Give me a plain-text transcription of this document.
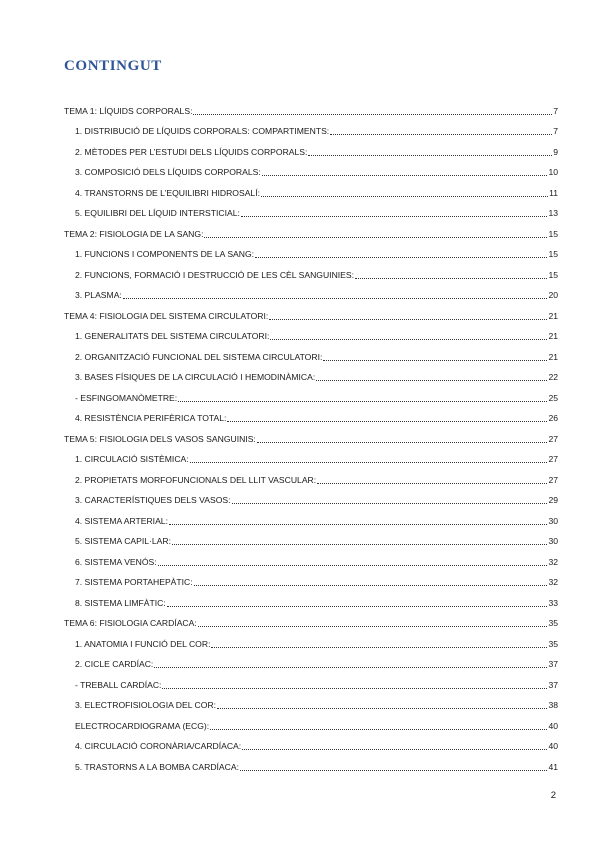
CONTINGUT
TEMA 1: LÍQUIDS CORPORALS:	7
1. DISTRIBUCIÓ DE LÍQUIDS CORPORALS: COMPARTIMENTS:	7
2. MÈTODES PER L’ESTUDI DELS LÍQUIDS CORPORALS:	9
3. COMPOSICIÓ DELS LÍQUIDS CORPORALS:	10
4. TRANSTORNS DE L’EQUILIBRI HIDROSALÍ:	11
5. EQUILIBRI DEL LÍQUID INTERSTICIAL:	13
TEMA 2: FISIOLOGIA DE LA SANG:	15
1. FUNCIONS I COMPONENTS DE LA SANG:	15
2. FUNCIONS, FORMACIÓ I DESTRUCCIÓ DE LES CÈL SANGUINIES:	15
3. PLASMA:	20
TEMA 4: FISIOLOGIA DEL SISTEMA CIRCULATORI:	21
1. GENERALITATS DEL SISTEMA CIRCULATORI:	21
2. ORGANITZACIÓ FUNCIONAL DEL SISTEMA CIRCULATORI:	21
3. BASES FÍSIQUES DE LA CIRCULACIÓ I HEMODINÀMICA:	22
- ESFINGOMANÒMETRE:	25
4. RESISTÈNCIA PERIFÈRICA TOTAL:	26
TEMA 5: FISIOLOGIA DELS VASOS SANGUINIS:	27
1. CIRCULACIÓ SISTÈMICA:	27
2. PROPIETATS MORFOFUNCIONALS DEL LLIT VASCULAR:	27
3. CARACTERÍSTIQUES DELS VASOS:	29
4. SISTEMA ARTERIAL:	30
5. SISTEMA CAPIL·LAR:	30
6. SISTEMA VENÓS:	32
7. SISTEMA PORTAHEPÀTIC:	32
8. SISTEMA LIMFÀTIC:	33
TEMA 6: FISIOLOGIA CARDÍACA:	35
1. ANATOMIA I FUNCIÓ DEL COR:	35
2. CICLE CARDÍAC:	37
- TREBALL CARDÍAC:	37
3. ELECTROFISIOLOGIA DEL COR:	38
ELECTROCARDIOGRAMA (ECG):	40
4. CIRCULACIÓ CORONÀRIA/CARDÍACA:	40
5. TRASTORNS A LA BOMBA CARDÍACA:	41
2
